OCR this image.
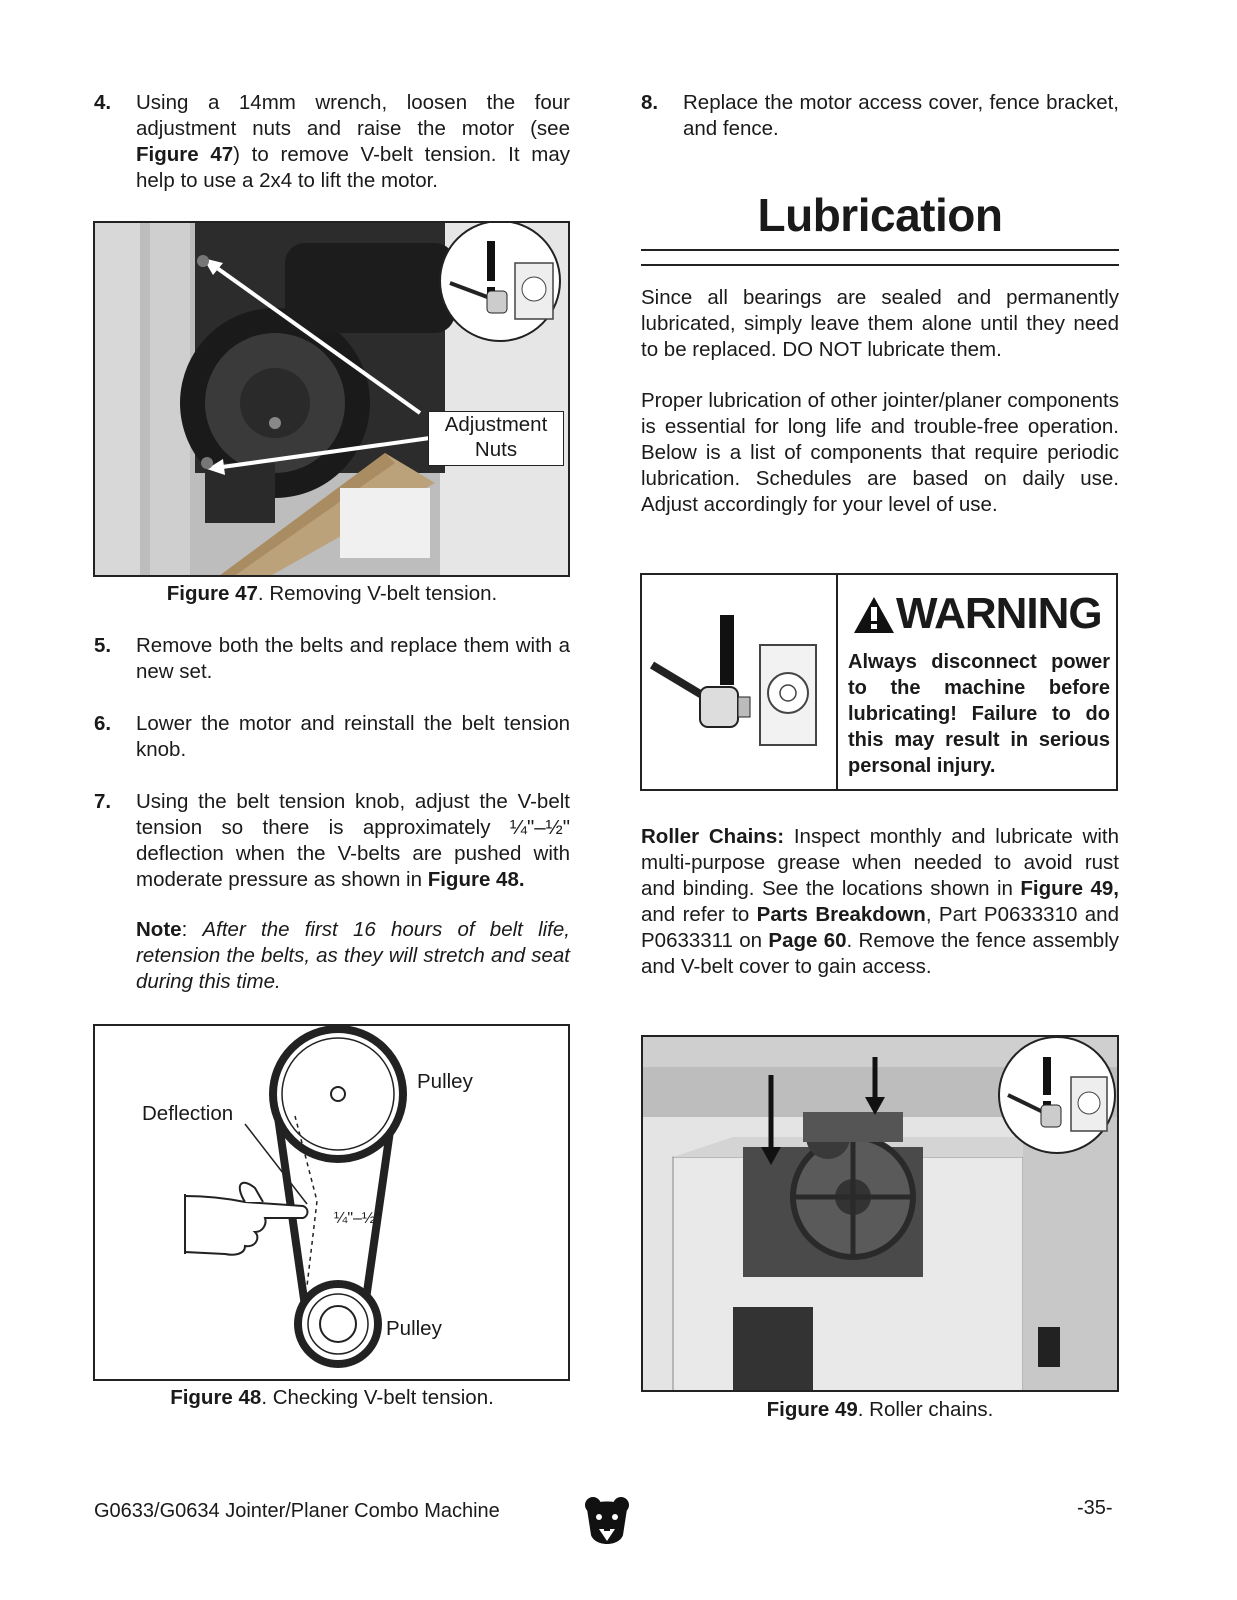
4. Using a 14mm wrench, loosen the four adjustment nuts and raise the motor (see Figure 47) to remove V-belt tension. It may help to use a 2x4 to lift the motor.
Adjustment
Nuts
Figure 47. Removing V-belt tension.
5. Remove both the belts and replace them with a new set.
6. Lower the motor and reinstall the belt tension knob.
7. Using the belt tension knob, adjust the V-belt tension so there is approximately ¼"–½" deflection when the V-belts are pushed with moderate pressure as shown in Figure 48.
Note: After the first 16 hours of belt life, retension the belts, as they will stretch and seat during this time.
Pulley
Deflection
¼"–½"
Pulley
Figure 48. Checking V-belt tension.
8. Replace the motor access cover, fence bracket, and fence.
Lubrication

Since all bearings are sealed and permanently lubricated, simply leave them alone until they need to be replaced. DO NOT lubricate them.

Proper lubrication of other jointer/planer components is essential for long life and trouble-free operation. Below is a list of components that require periodic lubrication. Schedules are based on daily use. Adjust accordingly for your level of use.

WARNING
Always disconnect power to the machine before lubricating! Failure to do this may result in serious personal injury.

Roller Chains: Inspect monthly and lubricate with multi-purpose grease when needed to avoid rust and binding. See the locations shown in Figure 49, and refer to Parts Breakdown, Part P0633310 and P0633311 on Page 60. Remove the fence assembly and V-belt cover to gain access.

Figure 49. Roller chains.
G0633/G0634 Jointer/Planer Combo Machine	-35-
